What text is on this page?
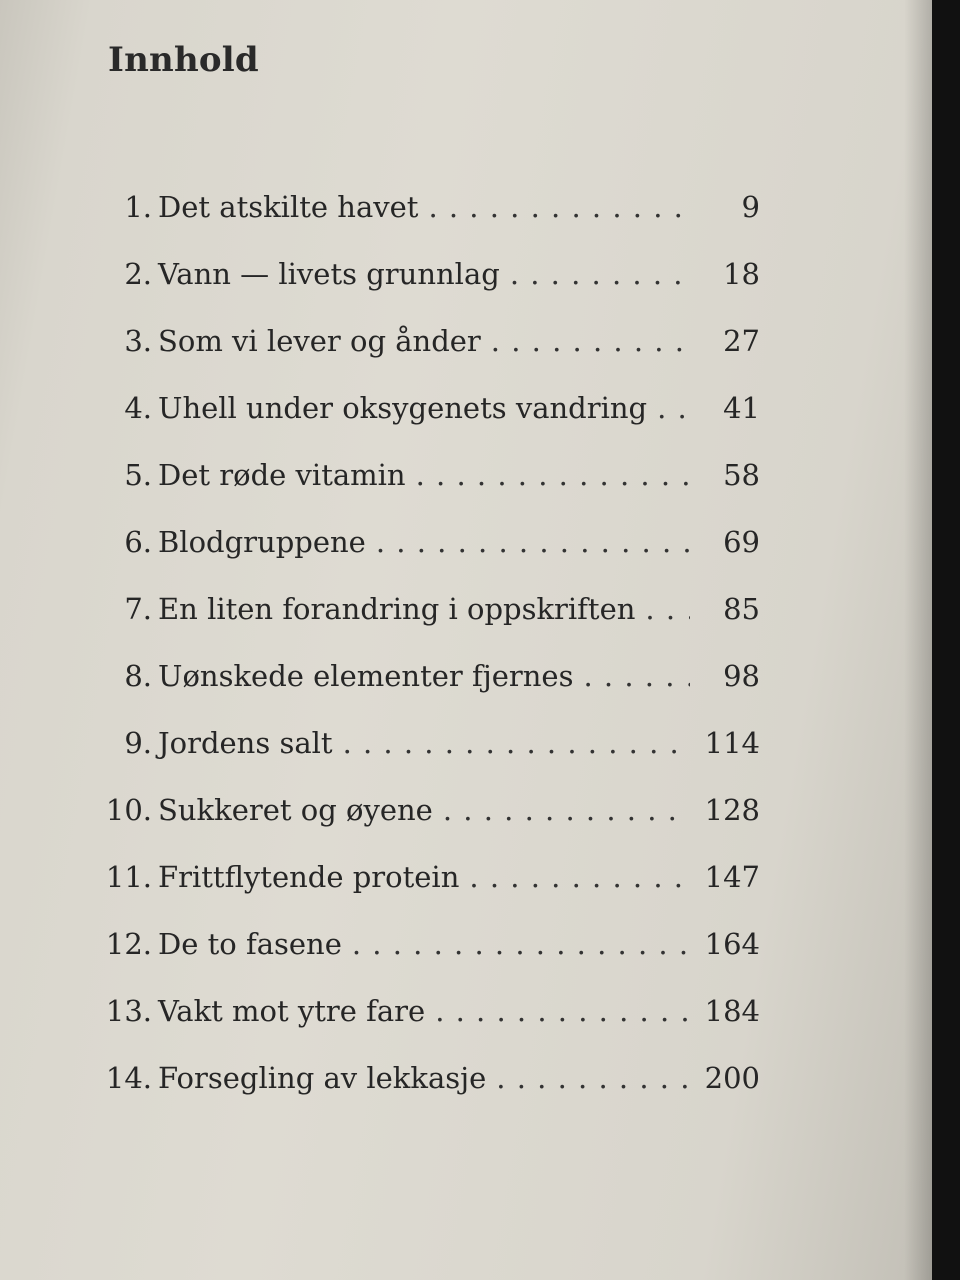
Innhold
1. Det atskilte havet . . .	9
2. Vann — livets grunnlag . . .	18
3. Som vi lever og ånder . . .	27
4. Uhell under oksygenets vandring . . .	41
5. Det røde vitamin . . .	58
6. Blodgruppene . . .	69
7. En liten forandring i oppskriften . . .	85
8. Uønskede elementer fjernes . . .	98
9. Jordens salt . . .	114
10. Sukkeret og øyene . . .	128
11. Frittflytende protein . . .	147
12. De to fasene . . .	164
13. Vakt mot ytre fare . . .	184
14. Forsegling av lekkasje . . .	200
